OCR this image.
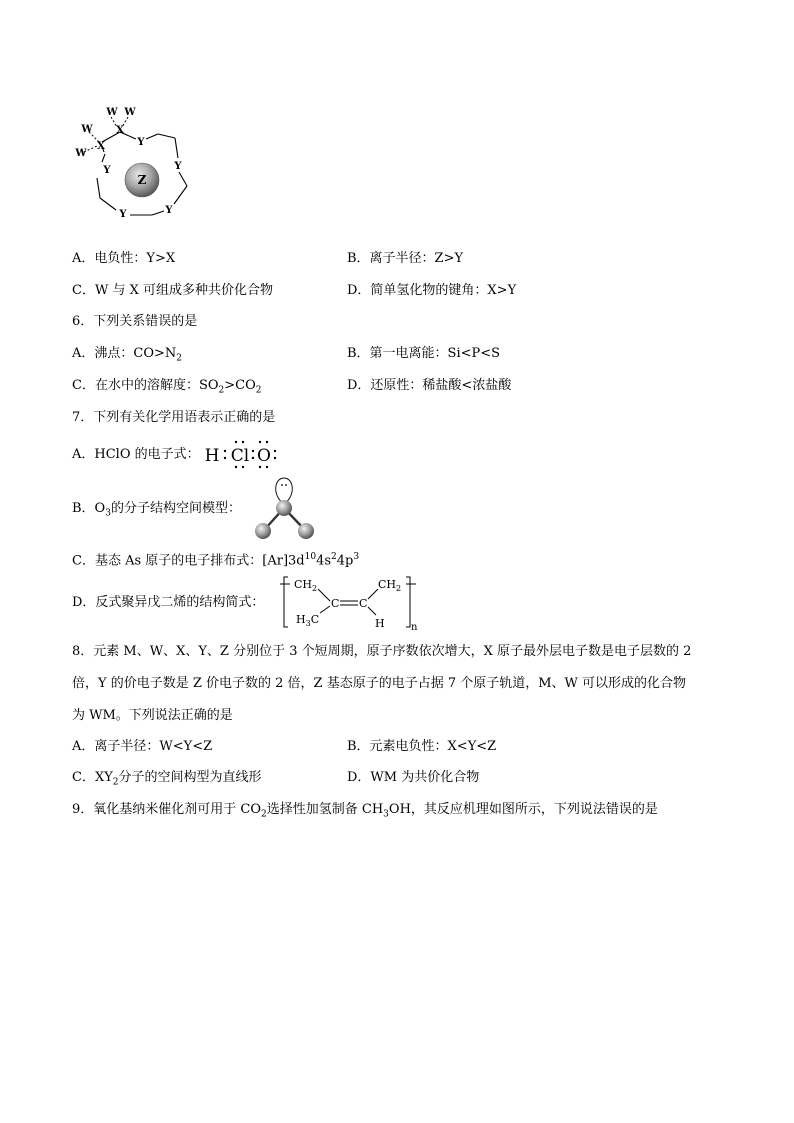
W W
W
W
X
X	Y
Y
Y
Y
Y
Z
A．电负性：Y>X	B．离子半径：Z>Y
C．W 与 X 可组成多种共价化合物	D．简单氢化物的键角：X>Y
6．下列关系错误的是
A．沸点：$CO>N_2$	B．第一电离能：Si<P<S
C．在水中的溶解度：$SO_2>CO_2$	D．还原性：稀盐酸<浓盐酸
7．下列有关化学用语表示正确的是
A．HClO 的电子式： H Cl O
B．$O_3$的分子结构空间模型：
C．基态 As 原子的电子排布式：$[Ar]3d^{10}4s^24p^3$
D．反式聚异戊二烯的结构简式：
$CH_2$
$H_3C$
C C
$CH_2$
H	n
8．元素 M、W、X、Y、Z 分别位于 3 个短周期，原子序数依次增大，X 原子最外层电子数是电子层数的 2
倍，Y 的价电子数是 Z 价电子数的 2 倍，Z 基态原子的电子占据 7 个原子轨道，M、W 可以形成的化合物
为 WM。下列说法正确的是
A．离子半径：W<Y<Z	B．元素电负性：X<Y<Z
C．$XY_2$分子的空间构型为直线形	D．WM 为共价化合物
9．氧化基纳米催化剂可用于 $CO_2$选择性加氢制备 $CH_3OH$，其反应机理如图所示，下列说法错误的是
